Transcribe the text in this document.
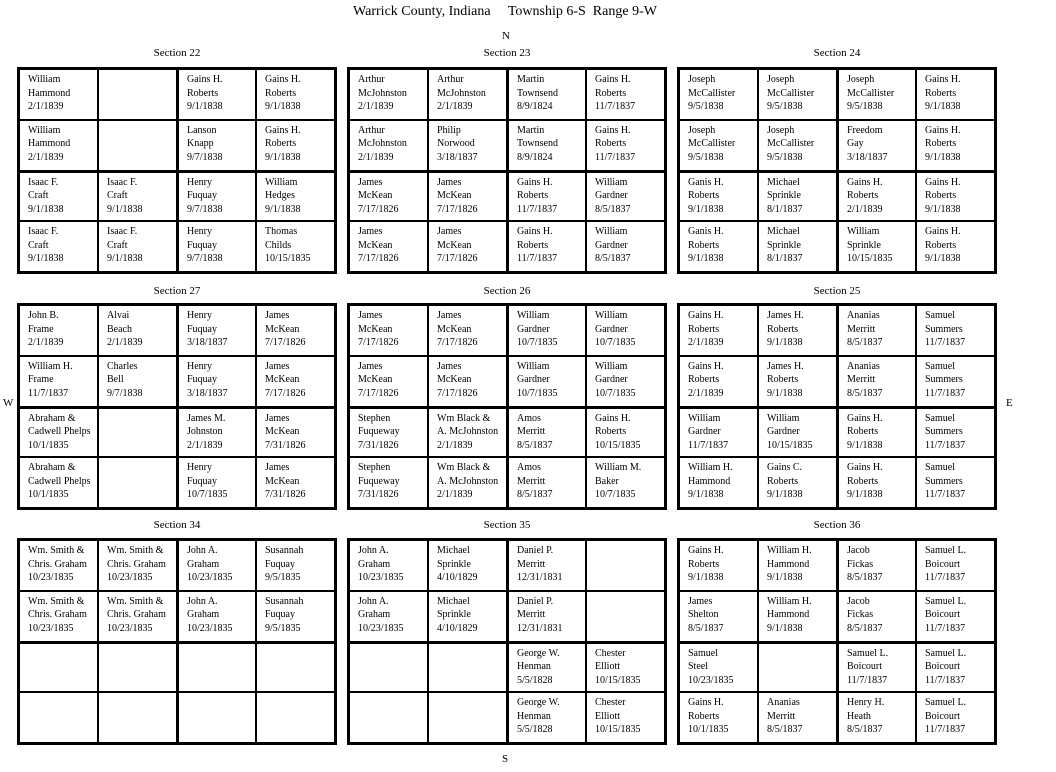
Warrick County, Indiana     Township 6-S  Range 9-W
N
S
W	E
Section 22
William
Hammond
2/1/1839
Gains H.
Roberts
9/1/1838
Gains H.
Roberts
9/1/1838
William
Hammond
2/1/1839
Lanson
Knapp
9/7/1838
Gains H.
Roberts
9/1/1838
Isaac F.
Craft
9/1/1838
Isaac F.
Craft
9/1/1838
Henry
Fuquay
9/7/1838
William
Hedges
9/1/1838
Isaac F.
Craft
9/1/1838
Isaac F.
Craft
9/1/1838
Henry
Fuquay
9/7/1838
Thomas
Childs
10/15/1835
Section 23
Arthur
McJohnston
2/1/1839
Arthur
McJohnston
2/1/1839
Martin
Townsend
8/9/1824
Gains H.
Roberts
11/7/1837
Arthur
McJohnston
2/1/1839
Philip
Norwood
3/18/1837
Martin
Townsend
8/9/1824
Gains H.
Roberts
11/7/1837
James
McKean
7/17/1826
James
McKean
7/17/1826
Gains H.
Roberts
11/7/1837
William
Gardner
8/5/1837
James
McKean
7/17/1826
James
McKean
7/17/1826
Gains H.
Roberts
11/7/1837
William
Gardner
8/5/1837
Section 24
Joseph
McCallister
9/5/1838
Joseph
McCallister
9/5/1838
Joseph
McCallister
9/5/1838
Gains H.
Roberts
9/1/1838
Joseph
McCallister
9/5/1838
Joseph
McCallister
9/5/1838
Freedom
Gay
3/18/1837
Gains H.
Roberts
9/1/1838
Ganis H.
Roberts
9/1/1838
Michael
Sprinkle
8/1/1837
Gains H.
Roberts
2/1/1839
Gains H.
Roberts
9/1/1838
Ganis H.
Roberts
9/1/1838
Michael
Sprinkle
8/1/1837
William
Sprinkle
10/15/1835
Gains H.
Roberts
9/1/1838
Section 27
John B.
Frame
2/1/1839
Alvai
Beach
2/1/1839
Henry
Fuquay
3/18/1837
James
McKean
7/17/1826
William H.
Frame
11/7/1837
Charles
Bell
9/7/1838
Henry
Fuquay
3/18/1837
James
McKean
7/17/1826
Abraham &
Cadwell Phelps
10/1/1835
James M.
Johnston
2/1/1839
James
McKean
7/31/1826
Abraham &
Cadwell Phelps
10/1/1835
Henry
Fuquay
10/7/1835
James
McKean
7/31/1826
Section 26
James
McKean
7/17/1826
James
McKean
7/17/1826
William
Gardner
10/7/1835
William
Gardner
10/7/1835
James
McKean
7/17/1826
James
McKean
7/17/1826
William
Gardner
10/7/1835
William
Gardner
10/7/1835
Stephen
Fuqueway
7/31/1826
Wm Black &
A. McJohnston
2/1/1839
Amos
Merritt
8/5/1837
Gains H.
Roberts
10/15/1835
Stephen
Fuqueway
7/31/1826
Wm Black &
A. McJohnston
2/1/1839
Amos
Merritt
8/5/1837
William M.
Baker
10/7/1835
Section 25
Gains H.
Roberts
2/1/1839
James H.
Roberts
9/1/1838
Ananias
Merritt
8/5/1837
Samuel
Summers
11/7/1837
Gains H.
Roberts
2/1/1839
James H.
Roberts
9/1/1838
Ananias
Merritt
8/5/1837
Samuel
Summers
11/7/1837
William
Gardner
11/7/1837
William
Gardner
10/15/1835
Gains H.
Roberts
9/1/1838
Samuel
Summers
11/7/1837
William H.
Hammond
9/1/1838
Gains C.
Roberts
9/1/1838
Gains H.
Roberts
9/1/1838
Samuel
Summers
11/7/1837
Section 34
Wm. Smith &
Chris. Graham
10/23/1835
Wm. Smith &
Chris. Graham
10/23/1835
John A.
Graham
10/23/1835
Susannah
Fuquay
9/5/1835
Wm. Smith &
Chris. Graham
10/23/1835
Wm. Smith &
Chris. Graham
10/23/1835
John A.
Graham
10/23/1835
Susannah
Fuquay
9/5/1835
Section 35
John A.
Graham
10/23/1835
Michael
Sprinkle
4/10/1829
Daniel P.
Merritt
12/31/1831
John A.
Graham
10/23/1835
Michael
Sprinkle
4/10/1829
Daniel P.
Merritt
12/31/1831
George W.
Henman
5/5/1828
Chester
Elliott
10/15/1835
George W.
Henman
5/5/1828
Chester
Elliott
10/15/1835
Section 36
Gains H.
Roberts
9/1/1838
William H.
Hammond
9/1/1838
Jacob
Fickas
8/5/1837
Samuel L.
Boicourt
11/7/1837
James
Shelton
8/5/1837
William H.
Hammond
9/1/1838
Jacob
Fickas
8/5/1837
Samuel L.
Boicourt
11/7/1837
Samuel
Steel
10/23/1835
Samuel L.
Boicourt
11/7/1837
Samuel L.
Boicourt
11/7/1837
Gains H.
Roberts
10/1/1835
Ananias
Merritt
8/5/1837
Henry H.
Heath
8/5/1837
Samuel L.
Boicourt
11/7/1837
